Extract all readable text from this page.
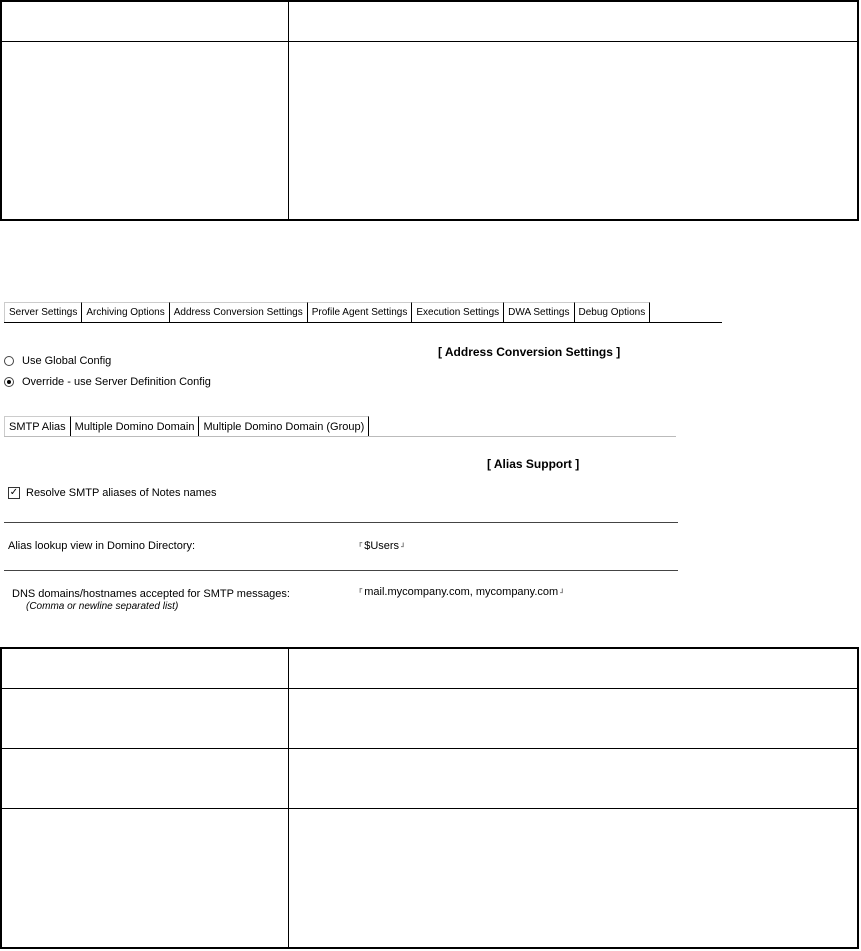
Server Settings Archiving Options Address Conversion Settings Profile Agent Settings Execution Settings DWA Settings Debug Options
Use Global Config
Override - use Server Definition Config
[ Address Conversion Settings ]
SMTP Alias Multiple Domino Domain Multiple Domino Domain (Group)
[ Alias Support ]
✓ Resolve SMTP aliases of Notes names
Alias lookup view in Domino Directory:	┏ $Users ┛
DNS domains/hostnames accepted for SMTP messages:
(Comma or newline separated list)
┏ mail.mycompany.com, mycompany.com ┛
